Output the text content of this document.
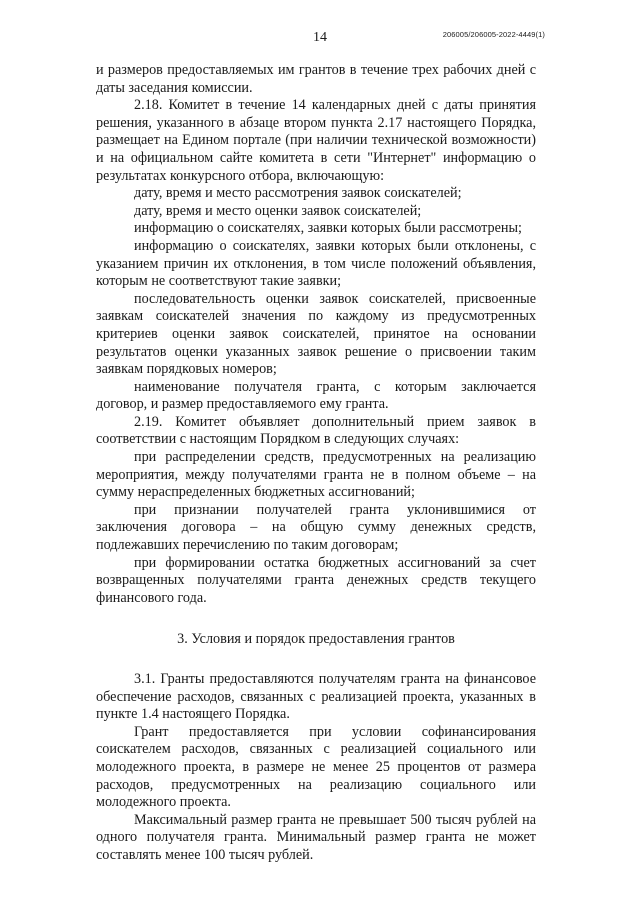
14	206005/206005-2022-4449(1)

и размеров предоставляемых им грантов в течение трех рабочих дней с даты заседания комиссии.

2.18. Комитет в течение 14 календарных дней с даты принятия решения, указанного в абзаце втором пункта 2.17 настоящего Порядка, размещает на Едином портале (при наличии технической возможности) и на официальном сайте комитета в сети "Интернет" информацию о результатах конкурсного отбора, включающую:

дату, время и место рассмотрения заявок соискателей;

дату, время и место оценки заявок соискателей;

информацию о соискателях, заявки которых были рассмотрены;

информацию о соискателях, заявки которых были отклонены, с указанием причин их отклонения, в том числе положений объявления, которым не соответствуют такие заявки;

последовательность оценки заявок соискателей, присвоенные заявкам соискателей значения по каждому из предусмотренных критериев оценки заявок соискателей, принятое на основании результатов оценки указанных заявок решение о присвоении таким заявкам порядковых номеров;

наименование получателя гранта, с которым заключается договор, и размер предоставляемого ему гранта.

2.19. Комитет объявляет дополнительный прием заявок в соответствии с настоящим Порядком в следующих случаях:

при распределении средств, предусмотренных на реализацию мероприятия, между получателями гранта не в полном объеме – на сумму нераспределенных бюджетных ассигнований;

при признании получателей гранта уклонившимися от заключения договора – на общую сумму денежных средств, подлежавших перечислению по таким договорам;

при формировании остатка бюджетных ассигнований за счет возвращенных получателями гранта денежных средств текущего финансового года.

3. Условия и порядок предоставления грантов

3.1. Гранты предоставляются получателям гранта на финансовое обеспечение расходов, связанных с реализацией проекта, указанных в пункте 1.4 настоящего Порядка.

Грант предоставляется при условии софинансирования соискателем расходов, связанных с реализацией социального или молодежного проекта, в размере не менее 25 процентов от размера расходов, предусмотренных на реализацию социального или молодежного проекта.

Максимальный размер гранта не превышает 500 тысяч рублей на одного получателя гранта. Минимальный размер гранта не может составлять менее 100 тысяч рублей.
